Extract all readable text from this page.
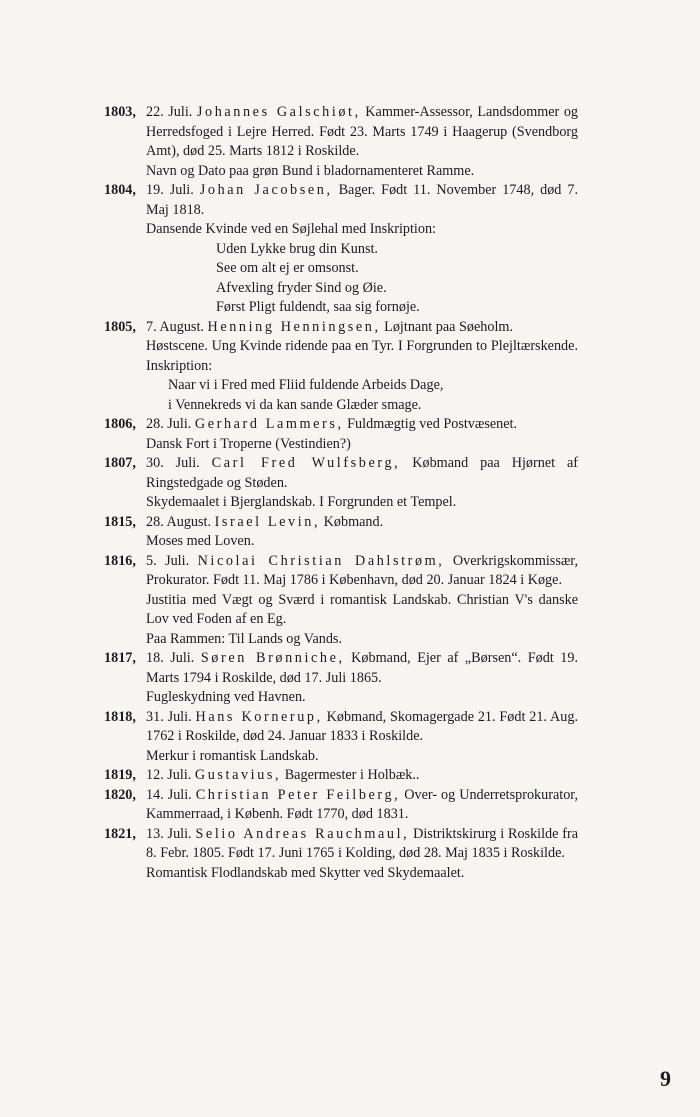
1803, 22. Juli. Johannes Galschiøt, Kammer-Assessor, Landsdommer og Herredsfoged i Lejre Herred. Født 23. Marts 1749 i Haagerup (Svendborg Amt), død 25. Marts 1812 i Roskilde.

Navn og Dato paa grøn Bund i bladornamenteret Ramme.

1804, 19. Juli. Johan Jacobsen, Bager. Født 11. November 1748, død 7. Maj 1818.

Dansende Kvinde ved en Søjlehal med Inskription:

Uden Lykke brug din Kunst.

See om alt ej er omsonst.

Afvexling fryder Sind og Øie.

Først Pligt fuldendt, saa sig fornøje.

1805, 7. August. Henning Henningsen, Løjtnant paa Søeholm.

Høstscene. Ung Kvinde ridende paa en Tyr. I Forgrunden to Plejltærskende. Inskription:

Naar vi i Fred med Fliid fuldende Arbeids Dage,

i Vennekreds vi da kan sande Glæder smage.

1806, 28. Juli. Gerhard Lammers, Fuldmægtig ved Postvæsenet.

Dansk Fort i Troperne (Vestindien?)

1807, 30. Juli. Carl Fred Wulfsberg, Købmand paa Hjørnet af Ringstedgade og Støden.

Skydemaalet i Bjerglandskab. I Forgrunden et Tempel.

1815, 28. August. Israel Levin, Købmand.

Moses med Loven.

1816, 5. Juli. Nicolai Christian Dahlstrøm, Overkrigskommissær, Prokurator. Født 11. Maj 1786 i København, død 20. Januar 1824 i Køge.

Justitia med Vægt og Sværd i romantisk Landskab. Christian V's danske Lov ved Foden af en Eg.

Paa Rammen: Til Lands og Vands.

1817, 18. Juli. Søren Brønniche, Købmand, Ejer af „Børsen“. Født 19. Marts 1794 i Roskilde, død 17. Juli 1865.

Fugleskydning ved Havnen.

1818, 31. Juli. Hans Kornerup, Købmand, Skomagergade 21. Født 21. Aug. 1762 i Roskilde, død 24. Januar 1833 i Roskilde.

Merkur i romantisk Landskab.

1819, 12. Juli. Gustavius, Bagermester i Holbæk..

1820, 14. Juli. Christian Peter Feilberg, Over- og Underretsprokurator, Kammerraad, i Københ. Født 1770, død 1831.

1821, 13. Juli. Selio Andreas Rauchmaul, Distriktskirurg i Roskilde fra 8. Febr. 1805. Født 17. Juni 1765 i Kolding, død 28. Maj 1835 i Roskilde.

Romantisk Flodlandskab med Skytter ved Skydemaalet.

9
